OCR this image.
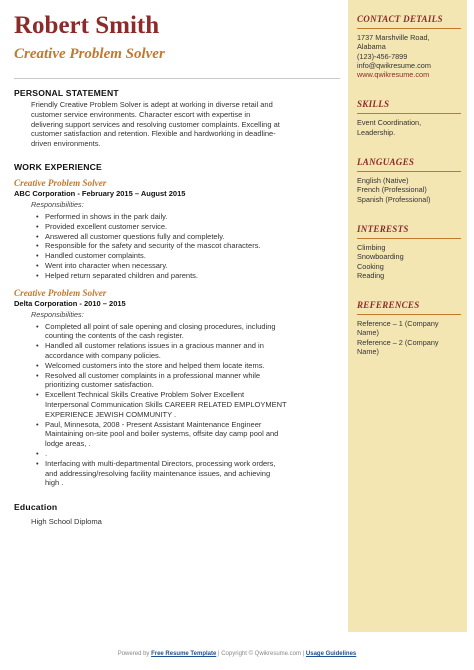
Robert Smith
Creative Problem Solver
PERSONAL STATEMENT
Friendly Creative Problem Solver is adept at working in diverse retail and
customer service environments. Character escort with expertise in
delivering support services and resolving customer complaints. Excelling at
customer satisfaction and retention. Flexible and hardworking in deadline-
driven environments.
WORK EXPERIENCE
Creative Problem Solver
ABC Corporation - February 2015 – August 2015
Responsibilities:
• Performed in shows in the park daily.
• Provided excellent customer service.
• Answered all customer questions fully and completely.
• Responsible for the safety and security of the mascot characters.
• Handled customer complaints.
• Went into character when necessary.
• Helped return separated children and parents.
Creative Problem Solver
Delta Corporation - 2010 – 2015
Responsibilities:
• Completed all point of sale opening and closing procedures, including
counting the contents of the cash register.
• Handled all customer relations issues in a gracious manner and in
accordance with company policies.
• Welcomed customers into the store and helped them locate items.
• Resolved all customer complaints in a professional manner while
prioritizing customer satisfaction.
• Excellent Technical Skills Creative Problem Solver Excellent
Interpersonal Communication Skills CAREER RELATED EMPLOYMENT
EXPERIENCE JEWISH COMMUNITY .
• Paul, Minnesota, 2008 - Present Assistant Maintenance Engineer
Maintaining on-site pool and boiler systems, offsite day camp pool and
lodge areas, .
• .
• Interfacing with multi-departmental Directors, processing work orders,
and addressing/resolving facility maintenance issues, and achieving
high .
Education
High School Diploma
CONTACT DETAILS
1737 Marshville Road,
Alabama
(123)-456-7899
info@qwikresume.com
www.qwikresume.com
SKILLS
Event Coordination,
Leadership.
LANGUAGES
English (Native)
French (Professional)
Spanish (Professional)
INTERESTS
Climbing
Snowboarding
Cooking
Reading
REFERENCES
Reference – 1 (Company
Name)
Reference – 2 (Company
Name)
Powered by Free Resume Template | Copyright © Qwikresume.com | Usage Guidelines
